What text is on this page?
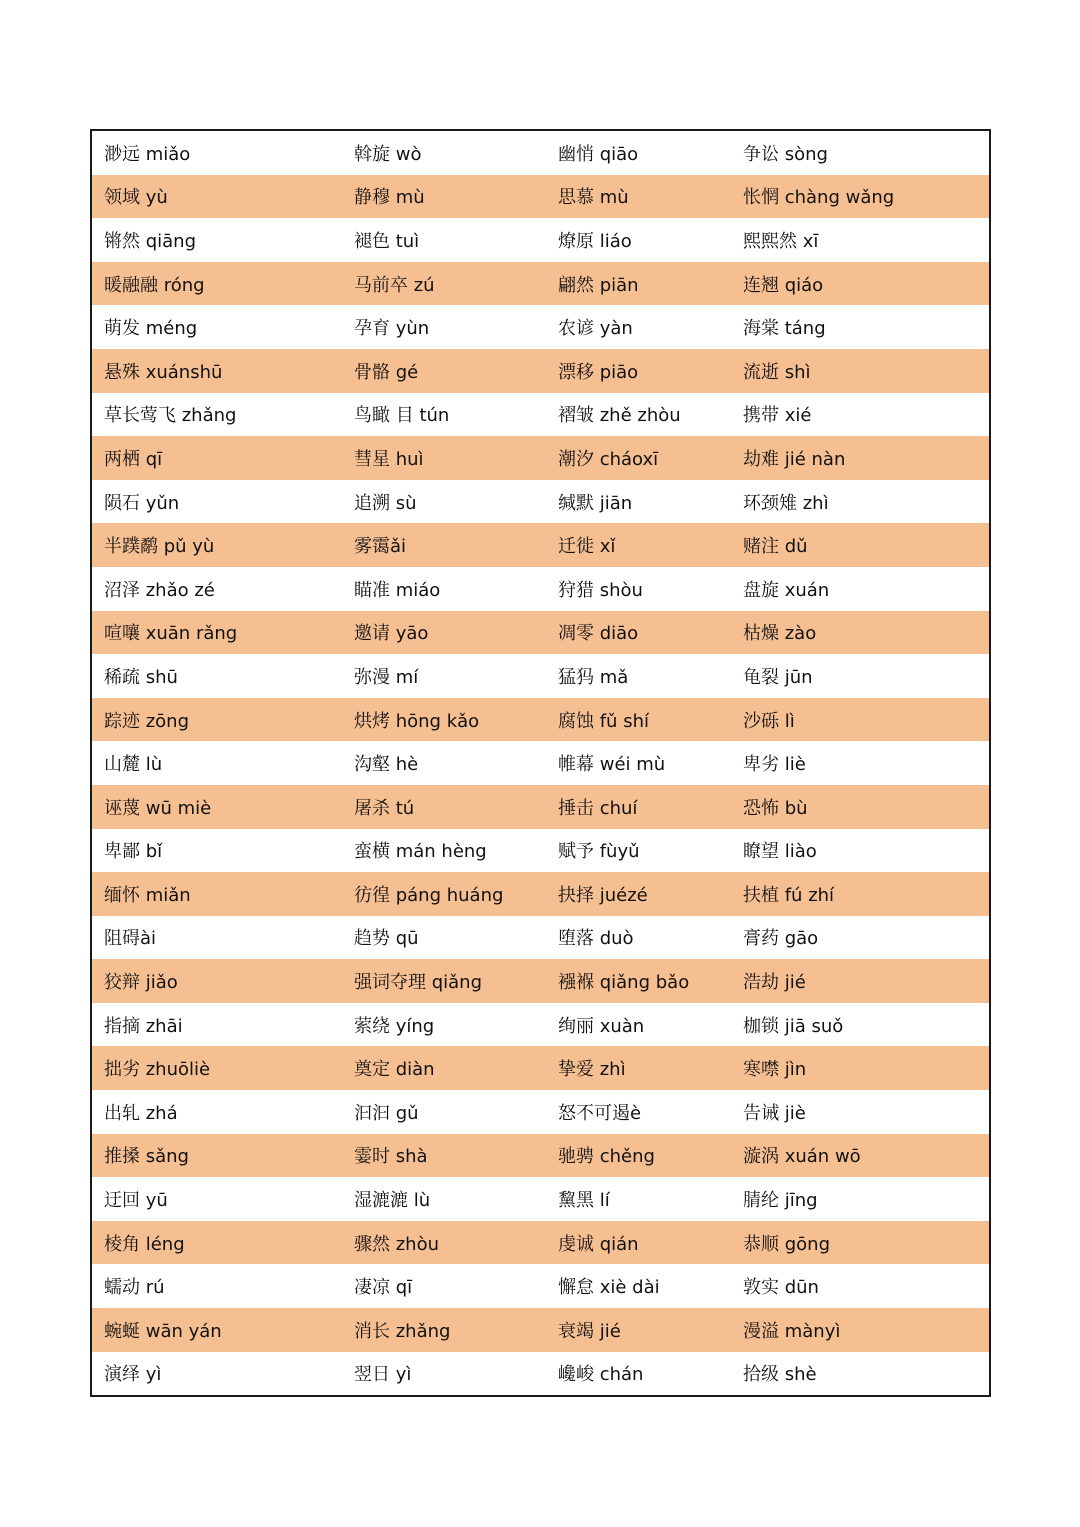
渺远 miǎo	斡旋 wò	幽悄 qiāo	争讼 sòng
领域 yù	静穆 mù	思慕 mù	怅惘 chàng wǎng
锵然 qiāng	褪色 tuì	燎原 liáo	熙熙然 xī
暖融融 róng	马前卒 zú	翩然 piān	连翘 qiáo
萌发 méng	孕育 yùn	农谚 yàn	海棠 táng
悬殊 xuánshū	骨骼 gé	漂移 piāo	流逝 shì
草长莺飞 zhǎng	鸟瞰 目 tún	褶皱 zhě zhòu	携带 xié
两栖 qī	彗星 huì	潮汐 cháoxī	劫难 jié nàn
陨石 yǔn	追溯 sù	缄默 jiān	环颈雉 zhì
半蹼鹬 pǔ yù	雾霭ǎi	迁徙 xǐ	赌注 dǔ
沼泽 zhǎo zé	瞄准 miáo	狩猎 shòu	盘旋 xuán
喧嚷 xuān rǎng	邀请 yāo	凋零 diāo	枯燥 zào
稀疏 shū	弥漫 mí	猛犸 mǎ	龟裂 jūn
踪迹 zōng	烘烤 hōng kǎo	腐蚀 fǔ shí	沙砾 lì
山麓 lù	沟壑 hè	帷幕 wéi mù	卑劣 liè
诬蔑 wū miè	屠杀 tú	捶击 chuí	恐怖 bù
卑鄙 bǐ	蛮横 mán hèng	赋予 fùyǔ	瞭望 liào
缅怀 miǎn	彷徨 páng huáng	抉择 juézé	扶植 fú zhí
阻碍ài	趋势 qū	堕落 duò	膏药 gāo
狡辩 jiǎo	强词夺理 qiǎng	襁褓 qiǎng bǎo	浩劫 jié
指摘 zhāi	萦绕 yíng	绚丽 xuàn	枷锁 jiā suǒ
拙劣 zhuōliè	奠定 diàn	挚爱 zhì	寒噤 jìn
出轧 zhá	汩汩 gǔ	怒不可遏è	告诫 jiè
推搡 sǎng	霎时 shà	驰骋 chěng	漩涡 xuán wō
迂回 yū	湿漉漉 lù	黧黑 lí	腈纶 jīng
棱角 léng	骤然 zhòu	虔诚 qián	恭顺 gōng
蠕动 rú	凄凉 qī	懈怠 xiè dài	敦实 dūn
蜿蜒 wān yán	消长 zhǎng	衰竭 jié	漫溢 mànyì
演绎 yì	翌日 yì	巉峻 chán	拾级 shè
